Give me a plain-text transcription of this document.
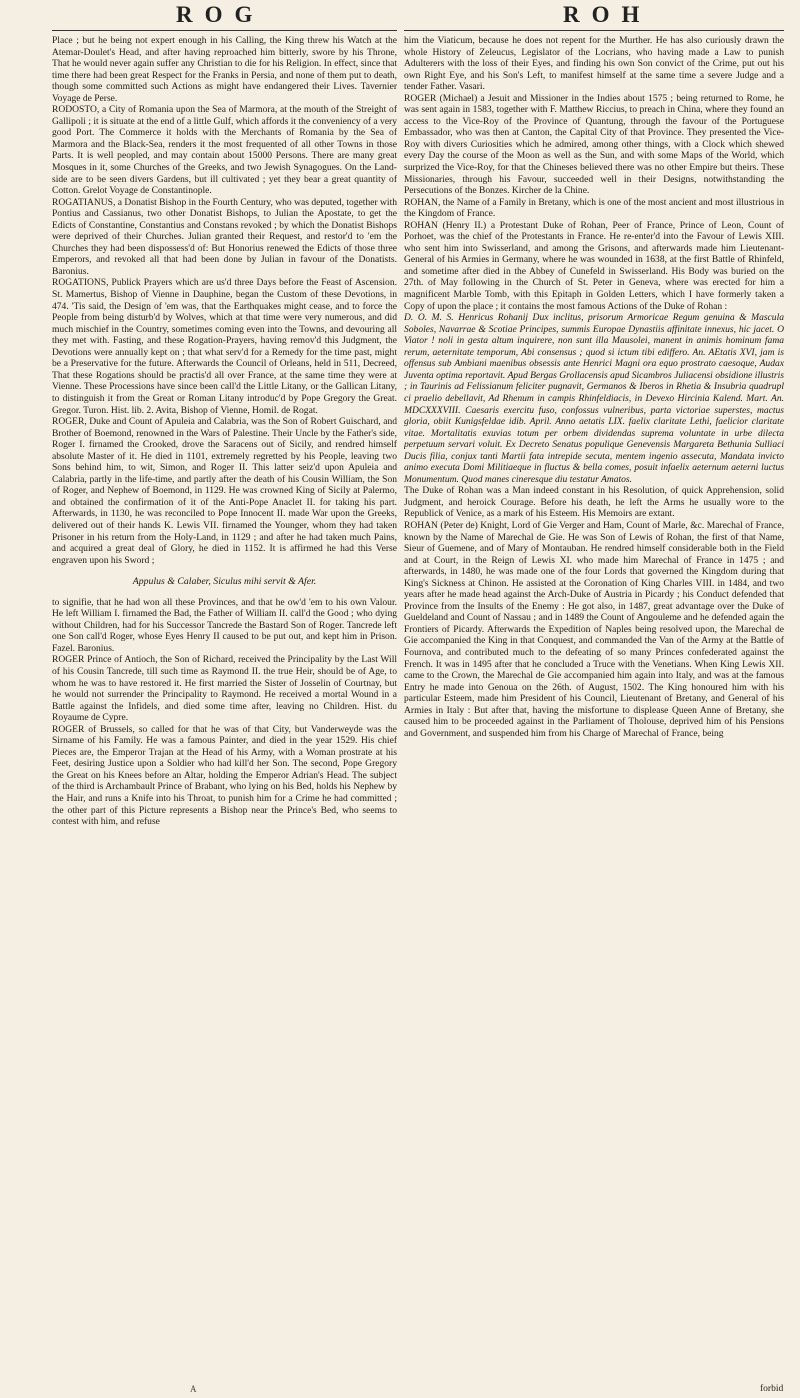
ROG	ROH

Place ; but he being not expert enough in his Calling, the King threw his Watch at the Atemar-Doulet's Head, and after having reproached him bitterly, swore by his Throne, That he would never again suffer any Christian to die for his Religion. In effect, since that time there had been great Respect for the Franks in Persia, and none of them put to death, though some committed such Actions as might have endangered their Lives. Tavernier Voyage de Perse.

RODOSTO, a City of Romania upon the Sea of Marmora, at the mouth of the Streight of Gallipoli ; it is situate at the end of a little Gulf, which affords it the conveniency of a very good Port. The Commerce it holds with the Merchants of Romania by the Sea of Marmora and the Black-Sea, renders it the most frequented of all other Towns in those Parts. It is well peopled, and may contain about 15000 Persons. There are many great Mosques in it, some Churches of the Greeks, and two Jewish Synagogues. On the Land-side are to be seen divers Gardens, but ill cultivated ; yet they bear a great quantity of Cotton. Grelot Voyage de Constantinople.

ROGATIANUS, a Donatist Bishop in the Fourth Century, who was deputed, together with Pontius and Cassianus, two other Donatist Bishops, to Julian the Apostate, to get the Edicts of Constantine, Constantius and Constans revoked ; by which the Donatist Bishops were deprived of their Churches. Julian granted their Request, and restor'd to 'em the Churches they had been dispossess'd of: But Honorius renewed the Edicts of those three Emperors, and revoked all that had been done by Julian in favour of the Donatists. Baronius.

ROGATIONS, Publick Prayers which are us'd three Days before the Feast of Ascension. St. Mamertus, Bishop of Vienne in Dauphine, began the Custom of these Devotions, in 474. 'Tis said, the Design of 'em was, that the Earthquakes might cease, and to force the People from being disturb'd by Wolves, which at that time were very numerous, and did much mischief in the Country, sometimes coming even into the Towns, and devouring all they met with. Fasting, and these Rogation-Prayers, having remov'd this Judgment, the Devotions were annually kept on ; that what serv'd for a Remedy for the time past, might be a Preservative for the future. Afterwards the Council of Orleans, held in 511, Decreed, That these Rogations should be practis'd all over France, at the same time they were at Vienne. These Processions have since been call'd the Little Litany, or the Gallican Litany, to distinguish it from the Great or Roman Litany introduc'd by Pope Gregory the Great. Gregor. Turon. Hist. lib. 2. Avita, Bishop of Vienne, Homil. de Rogat.

ROGER, Duke and Count of Apuleia and Calabria, was the Son of Robert Guischard, and Brother of Boemond, renowned in the Wars of Palestine. Their Uncle by the Father's side, Roger I. firnamed the Crooked, drove the Saracens out of Sicily, and rendred himself absolute Master of it. He died in 1101, extremely regretted by his People, leaving two Sons behind him, to wit, Simon, and Roger II. This latter seiz'd upon Apuleia and Calabria, partly in the life-time, and partly after the death of his Cousin William, the Son of Roger, and Nephew of Boemond, in 1129. He was crowned King of Sicily at Palermo, and obtained the confirmation of it of the Anti-Pope Anaclet II. for taking his part. Afterwards, in 1130, he was reconciled to Pope Innocent II. made War upon the Greeks, delivered out of their hands K. Lewis VII. firnamed the Younger, whom they had taken Prisoner in his return from the Holy-Land, in 1129 ; and after he had taken much Pains, and acquired a great deal of Glory, he died in 1152. It is affirmed he had this Verse engraven upon his Sword ;

Appulus & Calaber, Siculus mihi servit & Afer.

to signifie, that he had won all these Provinces, and that he ow'd 'em to his own Valour. He left William I. firnamed the Bad, the Father of William II. call'd the Good ; who dying without Children, had for his Successor Tancrede the Bastard Son of Roger. Tancrede left one Son call'd Roger, whose Eyes Henry II caused to be put out, and kept him in Prison. Fazel. Baronius.

ROGER Prince of Antioch, the Son of Richard, received the Principality by the Last Will of his Cousin Tancrede, till such time as Raymond II. the true Heir, should be of Age, to whom he was to have restored it. He first married the Sister of Josselin of Courtnay, but he would not surrender the Principality to Raymond. He received a mortal Wound in a Battle against the Infidels, and died some time after, leaving no Children. Hist. du Royaume de Cypre.

ROGER of Brussels, so called for that he was of that City, but Vanderweyde was the Sirname of his Family. He was a famous Painter, and died in the year 1529. His chief Pieces are, the Emperor Trajan at the Head of his Army, with a Woman prostrate at his Feet, desiring Justice upon a Soldier who had kill'd her Son. The second, Pope Gregory the Great on his Knees before an Altar, holding the Emperor Adrian's Head. The subject of the third is Archambault Prince of Brabant, who lying on his Bed, holds his Nephew by the Hair, and runs a Knife into his Throat, to punish him for a Crime he had committed ; the other part of this Picture represents a Bishop near the Prince's Bed, who seems to contest with him, and refuse

him the Viaticum, because he does not repent for the Murther. He has also curiously drawn the whole History of Zeleucus, Legislator of the Locrians, who having made a Law to punish Adulterers with the loss of their Eyes, and finding his own Son convict of the Crime, put out his own Right Eye, and his Son's Left, to manifest himself at the same time a severe Judge and a tender Father. Vasari.

ROGER (Michael) a Jesuit and Missioner in the Indies about 1575 ; being returned to Rome, he was sent again in 1583, together with F. Matthew Riccius, to preach in China, where they found an access to the Vice-Roy of the Province of Quantung, through the favour of the Portuguese Embassador, who was then at Canton, the Capital City of that Province. They presented the Vice-Roy with divers Curiosities which he admired, among other things, with a Clock which shewed every Day the course of the Moon as well as the Sun, and with some Maps of the World, which surprized the Vice-Roy, for that the Chineses believed there was no other Empire but theirs. These Missionaries, through his Favour, succeeded well in their Designs, notwithstanding the Persecutions of the Bonzes. Kircher de la Chine.

ROHAN, the Name of a Family in Bretany, which is one of the most ancient and most illustrious in the Kingdom of France.

ROHAN (Henry II.) a Protestant Duke of Rohan, Peer of France, Prince of Leon, Count of Porhoet, was the chief of the Protestants in France. He re-enter'd into the Favour of Lewis XIII. who sent him into Swisserland, and among the Grisons, and afterwards made him Lieutenant-General of his Armies in Germany, where he was wounded in 1638, at the first Battle of Rhinfeld, and sometime after died in the Abbey of Cunefeld in Swisserland. His Body was buried on the 27th. of May following in the Church of St. Peter in Geneva, where was erected for him a magnificent Marble Tomb, with this Epitaph in Golden Letters, which I have formerly taken a Copy of upon the place ; it contains the most famous Actions of the Duke of Rohan :

D. O. M. S. Henricus Rohanij Dux inclitus, prisorum Armoricae Regum genuina & Mascula Soboles, Navarrae & Scotiae Principes, summis Europae Dynastiis affinitate innexus, hic jacet. O Viator ! noli in gesta altum inquirere, non sunt illa Mausolei, manent in animis hominum fama rerum, aeternitate temporum, Abi consensus ; quod si ictum tibi ediffero. An. AEtatis XVI, jam is offensus sub Ambiani maenibus obsessis ante Henrici Magni ora equo prostrato caesoque, Audax Juventa optima reportavit. Apud Bergas Grollacensis apud Sicambros Juliacensi obsidione illustris ; in Taurinis ad Felissianum feliciter pugnavit, Germanos & Iberos in Rhetia & Insubria quadrupl ci praelio debellavit, Ad Rhenum in campis Rhinfeldiacis, in Devexo Hircinia Kalend. Mart. An. MDCXXXVIII. Caesaris exercitu fuso, confossus vulneribus, parta victoriae superstes, mactus gloria, obiit Kunigsfeldae idib. April. Anno aetatis LIX. faelix claritate Lethi, faelicior claritate vitae. Mortalitatis exuvias totum per orbem dividendas suprema voluntate in urbe dilecta perpetuum servari voluit. Ex Decreto Senatus populique Genevensis Margareta Bethunia Sulliaci Ducis filia, conjux tanti Martii fata intrepide secuta, mentem ingenio assecuta, Mandata invicto animo executa Domi Militiaeque in fluctus & bella comes, posuit infaelix aeternum aeterni luctus Monumentum. Quod manes cineresque diu testatur Amatos.

The Duke of Rohan was a Man indeed constant in his Resolution, of quick Apprehension, solid Judgment, and heroick Courage. Before his death, he left the Arms he usually wore to the Republick of Venice, as a mark of his Esteem. His Memoirs are extant.

ROHAN (Peter de) Knight, Lord of Gie Verger and Ham, Count of Marle, &c. Marechal of France, known by the Name of Marechal de Gie. He was Son of Lewis of Rohan, the first of that Name, Sieur of Guemene, and of Mary of Montauban. He rendred himself considerable both in the Field and at Court, in the Reign of Lewis XI. who made him Marechal of France in 1475 ; and afterwards, in 1480, he was made one of the four Lords that governed the Kingdom during that King's Sickness at Chinon. He assisted at the Coronation of King Charles VIII. in 1484, and two years after he made head against the Arch-Duke of Austria in Picardy ; his Conduct defended that Province from the Insults of the Enemy : He got also, in 1487, great advantage over the Duke of Gueldeland and Count of Nassau ; and in 1489 the Count of Angouleme and he defended again the Frontiers of Picardy. Afterwards the Expedition of Naples being resolved upon, the Marechal de Gie accompanied the King in that Conquest, and commanded the Van of the Army at the Battle of Fournova, and contributed much to the defeating of so many Princes confederated against the French. It was in 1495 after that he concluded a Truce with the Venetians. When King Lewis XII. came to the Crown, the Marechal de Gie accompanied him again into Italy, and was at the famous Entry he made into Genoua on the 26th. of August, 1502. The King honoured him with his particular Esteem, made him President of his Council, Lieutenant of Bretany, and General of his Armies in Italy : But after that, having the misfortune to displease Queen Anne of Bretany, she caused him to be proceeded against in the Parliament of Tholouse, deprived him of his Pensions and Government, and suspended him from his Charge of Marechal of France, being

A	forbid
